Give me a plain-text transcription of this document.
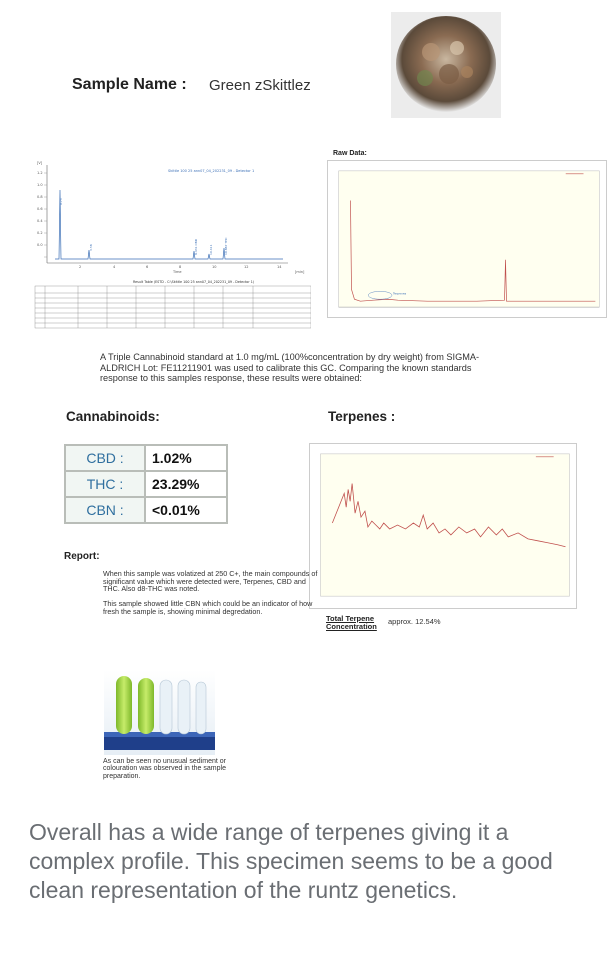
Sample Name : Green zSkittlez
[V]
1.2
1.0
0.8
0.6
0.4
0.2
0.0
2	4	6	8	10	12	14
[min]
Time
Skittle 100 25 ann07_04_202231_09 - Detector 1
0.73
3.58	9.431 CBD	10.411	10.887 THC
Result Table (ESTD - C:\Skittle 100 25 ann07_04_202231_09 - Detector 1)
Raw Data:
Terpenes
A Triple Cannabinoid standard at 1.0 mg/mL (100%concentration by dry weight) from SIGMA-ALDRICH Lot: FE11211901 was used to calibrate this GC. Comparing the known standards response to this samples response, these results were obtained:
Cannabinoids:	Terpenes :
CBD :	1.02%
THC :	23.29%
CBN :	<0.01%
Total Terpene
Concentration
approx. 12.54%
Report:
When this sample was volatized at 250 C+, the main compounds of significant value which were detected were, Terpenes, CBD and THC. Also d8-THC was noted.
This sample showed little CBN which could be an indicator of how fresh the sample is, showing minimal degredation.
As can be seen no unusual sediment or colouration was observed in the sample preparation.
Overall has a wide range of terpenes giving it a complex profile. This specimen seems to be a good clean representation of the runtz genetics.
